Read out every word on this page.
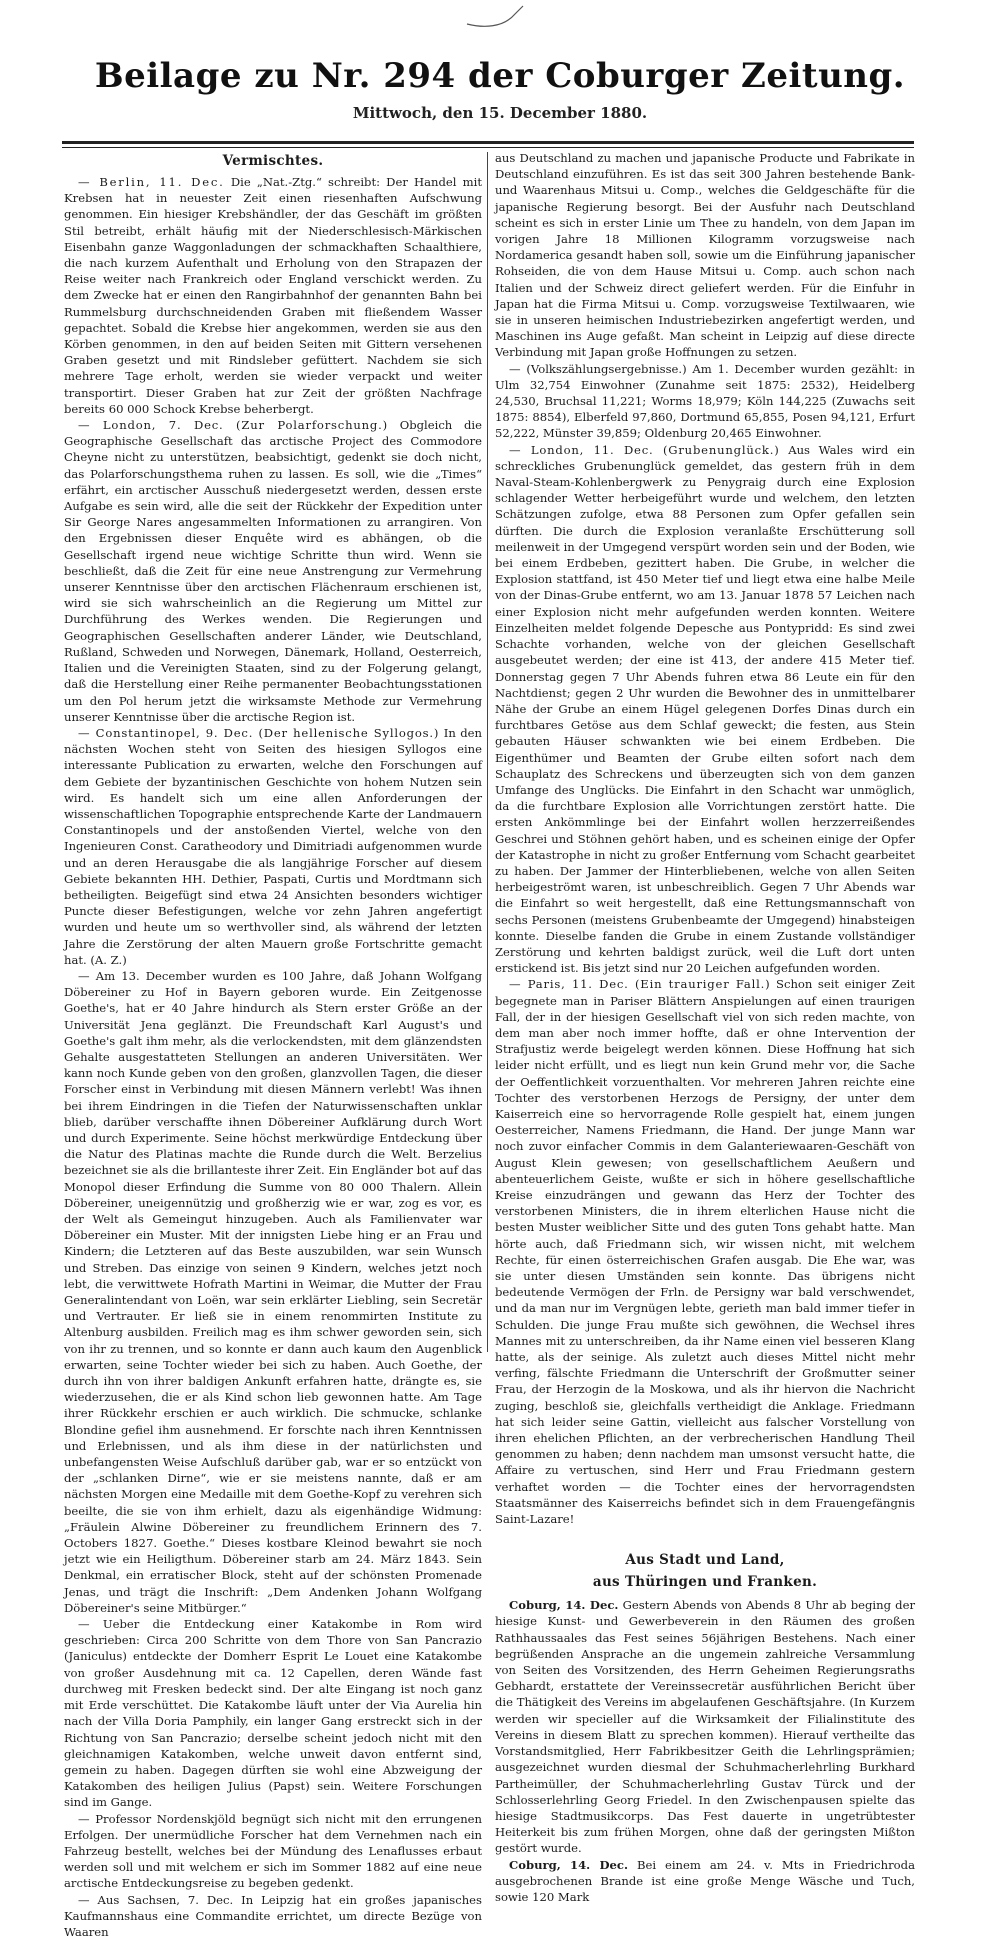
Beilage zu Nr. 294 der Coburger Zeitung.
Mittwoch, den 15. December 1880.
Vermischtes.

— Berlin, 11. Dec. Die „Nat.-Ztg.“ schreibt: Der Handel mit Krebsen hat in neuester Zeit einen riesenhaften Aufschwung genommen. Ein hiesiger Krebshändler, der das Geschäft im größten Stil betreibt, erhält häufig mit der Niederschlesisch-Märkischen Eisenbahn ganze Waggonladungen der schmackhaften Schaalthiere, die nach kurzem Aufenthalt und Erholung von den Strapazen der Reise weiter nach Frankreich oder England verschickt werden. Zu dem Zwecke hat er einen den Rangirbahnhof der genannten Bahn bei Rummelsburg durchschneidenden Graben mit fließendem Wasser gepachtet. Sobald die Krebse hier angekommen, werden sie aus den Körben genommen, in den auf beiden Seiten mit Gittern versehenen Graben gesetzt und mit Rindsleber gefüttert. Nachdem sie sich mehrere Tage erholt, werden sie wieder verpackt und weiter transportirt. Dieser Graben hat zur Zeit der größten Nachfrage bereits 60 000 Schock Krebse beherbergt.

— London, 7. Dec. (Zur Polarforschung.) Obgleich die Geographische Gesellschaft das arctische Project des Commodore Cheyne nicht zu unterstützen, beabsichtigt, gedenkt sie doch nicht, das Polarforschungsthema ruhen zu lassen. Es soll, wie die „Times“ erfährt, ein arctischer Ausschuß niedergesetzt werden, dessen erste Aufgabe es sein wird, alle die seit der Rückkehr der Expedition unter Sir George Nares angesammelten Informationen zu arrangiren. Von den Ergebnissen dieser Enquête wird es abhängen, ob die Gesellschaft irgend neue wichtige Schritte thun wird. Wenn sie beschließt, daß die Zeit für eine neue Anstrengung zur Vermehrung unserer Kenntnisse über den arctischen Flächenraum erschienen ist, wird sie sich wahrscheinlich an die Regierung um Mittel zur Durchführung des Werkes wenden. Die Regierungen und Geographischen Gesellschaften anderer Länder, wie Deutschland, Rußland, Schweden und Norwegen, Dänemark, Holland, Oesterreich, Italien und die Vereinigten Staaten, sind zu der Folgerung gelangt, daß die Herstellung einer Reihe permanenter Beobachtungsstationen um den Pol herum jetzt die wirksamste Methode zur Vermehrung unserer Kenntnisse über die arctische Region ist.

— Constantinopel, 9. Dec. (Der hellenische Syllogos.) In den nächsten Wochen steht von Seiten des hiesigen Syllogos eine interessante Publication zu erwarten, welche den Forschungen auf dem Gebiete der byzantinischen Geschichte von hohem Nutzen sein wird. Es handelt sich um eine allen Anforderungen der wissenschaftlichen Topographie entsprechende Karte der Landmauern Constantinopels und der anstoßenden Viertel, welche von den Ingenieuren Const. Caratheodory und Dimitriadi aufgenommen wurde und an deren Herausgabe die als langjährige Forscher auf diesem Gebiete bekannten HH. Dethier, Paspati, Curtis und Mordtmann sich betheiligten. Beigefügt sind etwa 24 Ansichten besonders wichtiger Puncte dieser Befestigungen, welche vor zehn Jahren angefertigt wurden und heute um so werthvoller sind, als während der letzten Jahre die Zerstörung der alten Mauern große Fortschritte gemacht hat. (A. Z.)

— Am 13. December wurden es 100 Jahre, daß Johann Wolfgang Döbereiner zu Hof in Bayern geboren wurde. Ein Zeitgenosse Goethe's, hat er 40 Jahre hindurch als Stern erster Größe an der Universität Jena geglänzt. Die Freundschaft Karl August's und Goethe's galt ihm mehr, als die verlockendsten, mit dem glänzendsten Gehalte ausgestatteten Stellungen an anderen Universitäten. Wer kann noch Kunde geben von den großen, glanzvollen Tagen, die dieser Forscher einst in Verbindung mit diesen Männern verlebt! Was ihnen bei ihrem Eindringen in die Tiefen der Naturwissenschaften unklar blieb, darüber verschaffte ihnen Döbereiner Aufklärung durch Wort und durch Experimente. Seine höchst merkwürdige Entdeckung über die Natur des Platinas machte die Runde durch die Welt. Berzelius bezeichnet sie als die brillanteste ihrer Zeit. Ein Engländer bot auf das Monopol dieser Erfindung die Summe von 80 000 Thalern. Allein Döbereiner, uneigennützig und großherzig wie er war, zog es vor, es der Welt als Gemeingut hinzugeben. Auch als Familienvater war Döbereiner ein Muster. Mit der innigsten Liebe hing er an Frau und Kindern; die Letzteren auf das Beste auszubilden, war sein Wunsch und Streben. Das einzige von seinen 9 Kindern, welches jetzt noch lebt, die verwittwete Hofrath Martini in Weimar, die Mutter der Frau Generalintendant von Loën, war sein erklärter Liebling, sein Secretär und Vertrauter. Er ließ sie in einem renommirten Institute zu Altenburg ausbilden. Freilich mag es ihm schwer geworden sein, sich von ihr zu trennen, und so konnte er dann auch kaum den Augenblick erwarten, seine Tochter wieder bei sich zu haben. Auch Goethe, der durch ihn von ihrer baldigen Ankunft erfahren hatte, drängte es, sie wiederzusehen, die er als Kind schon lieb gewonnen hatte. Am Tage ihrer Rückkehr erschien er auch wirklich. Die schmucke, schlanke Blondine gefiel ihm ausnehmend. Er forschte nach ihren Kenntnissen und Erlebnissen, und als ihm diese in der natürlichsten und unbefangensten Weise Aufschluß darüber gab, war er so entzückt von der „schlanken Dirne“, wie er sie meistens nannte, daß er am nächsten Morgen eine Medaille mit dem Goethe-Kopf zu verehren sich beeilte, die sie von ihm erhielt, dazu als eigenhändige Widmung: „Fräulein Alwine Döbereiner zu freundlichem Erinnern des 7. Octobers 1827. Goethe.“ Dieses kostbare Kleinod bewahrt sie noch jetzt wie ein Heiligthum. Döbereiner starb am 24. März 1843. Sein Denkmal, ein erratischer Block, steht auf der schönsten Promenade Jenas, und trägt die Inschrift: „Dem Andenken Johann Wolfgang Döbereiner's seine Mitbürger.“

— Ueber die Entdeckung einer Katakombe in Rom wird geschrieben: Circa 200 Schritte von dem Thore von San Pancrazio (Janiculus) entdeckte der Domherr Esprit Le Louet eine Katakombe von großer Ausdehnung mit ca. 12 Capellen, deren Wände fast durchweg mit Fresken bedeckt sind. Der alte Eingang ist noch ganz mit Erde verschüttet. Die Katakombe läuft unter der Via Aurelia hin nach der Villa Doria Pamphily, ein langer Gang erstreckt sich in der Richtung von San Pancrazio; derselbe scheint jedoch nicht mit den gleichnamigen Katakomben, welche unweit davon entfernt sind, gemein zu haben. Dagegen dürften sie wohl eine Abzweigung der Katakomben des heiligen Julius (Papst) sein. Weitere Forschungen sind im Gange.

— Professor Nordenskjöld begnügt sich nicht mit den errungenen Erfolgen. Der unermüdliche Forscher hat dem Vernehmen nach ein Fahrzeug bestellt, welches bei der Mündung des Lenaflusses erbaut werden soll und mit welchem er sich im Sommer 1882 auf eine neue arctische Entdeckungsreise zu begeben gedenkt.

— Aus Sachsen, 7. Dec. In Leipzig hat ein großes japanisches Kaufmannshaus eine Commandite errichtet, um directe Bezüge von Waaren

aus Deutschland zu machen und japanische Producte und Fabrikate in Deutschland einzuführen. Es ist das seit 300 Jahren bestehende Bank- und Waarenhaus Mitsui u. Comp., welches die Geldgeschäfte für die japanische Regierung besorgt. Bei der Ausfuhr nach Deutschland scheint es sich in erster Linie um Thee zu handeln, von dem Japan im vorigen Jahre 18 Millionen Kilogramm vorzugsweise nach Nordamerica gesandt haben soll, sowie um die Einführung japanischer Rohseiden, die von dem Hause Mitsui u. Comp. auch schon nach Italien und der Schweiz direct geliefert werden. Für die Einfuhr in Japan hat die Firma Mitsui u. Comp. vorzugsweise Textilwaaren, wie sie in unseren heimischen Industriebezirken angefertigt werden, und Maschinen ins Auge gefaßt. Man scheint in Leipzig auf diese directe Verbindung mit Japan große Hoffnungen zu setzen.

— (Volkszählungsergebnisse.) Am 1. December wurden gezählt: in Ulm 32,754 Einwohner (Zunahme seit 1875: 2532), Heidelberg 24,530, Bruchsal 11,221; Worms 18,979; Köln 144,225 (Zuwachs seit 1875: 8854), Elberfeld 97,860, Dortmund 65,855, Posen 94,121, Erfurt 52,222, Münster 39,859; Oldenburg 20,465 Einwohner.

— London, 11. Dec. (Grubenunglück.) Aus Wales wird ein schreckliches Grubenunglück gemeldet, das gestern früh in dem Naval-Steam-Kohlenbergwerk zu Penygraig durch eine Explosion schlagender Wetter herbeigeführt wurde und welchem, den letzten Schätzungen zufolge, etwa 88 Personen zum Opfer gefallen sein dürften. Die durch die Explosion veranlaßte Erschütterung soll meilenweit in der Umgegend verspürt worden sein und der Boden, wie bei einem Erdbeben, gezittert haben. Die Grube, in welcher die Explosion stattfand, ist 450 Meter tief und liegt etwa eine halbe Meile von der Dinas-Grube entfernt, wo am 13. Januar 1878 57 Leichen nach einer Explosion nicht mehr aufgefunden werden konnten. Weitere Einzelheiten meldet folgende Depesche aus Pontypridd: Es sind zwei Schachte vorhanden, welche von der gleichen Gesellschaft ausgebeutet werden; der eine ist 413, der andere 415 Meter tief. Donnerstag gegen 7 Uhr Abends fuhren etwa 86 Leute ein für den Nachtdienst; gegen 2 Uhr wurden die Bewohner des in unmittelbarer Nähe der Grube an einem Hügel gelegenen Dorfes Dinas durch ein furchtbares Getöse aus dem Schlaf geweckt; die festen, aus Stein gebauten Häuser schwankten wie bei einem Erdbeben. Die Eigenthümer und Beamten der Grube eilten sofort nach dem Schauplatz des Schreckens und überzeugten sich von dem ganzen Umfange des Unglücks. Die Einfahrt in den Schacht war unmöglich, da die furchtbare Explosion alle Vorrichtungen zerstört hatte. Die ersten Ankömmlinge bei der Einfahrt wollen herzzerreißendes Geschrei und Stöhnen gehört haben, und es scheinen einige der Opfer der Katastrophe in nicht zu großer Entfernung vom Schacht gearbeitet zu haben. Der Jammer der Hinterbliebenen, welche von allen Seiten herbeigeströmt waren, ist unbeschreiblich. Gegen 7 Uhr Abends war die Einfahrt so weit hergestellt, daß eine Rettungsmannschaft von sechs Personen (meistens Grubenbeamte der Umgegend) hinabsteigen konnte. Dieselbe fanden die Grube in einem Zustande vollständiger Zerstörung und kehrten baldigst zurück, weil die Luft dort unten erstickend ist. Bis jetzt sind nur 20 Leichen aufgefunden worden.

— Paris, 11. Dec. (Ein trauriger Fall.) Schon seit einiger Zeit begegnete man in Pariser Blättern Anspielungen auf einen traurigen Fall, der in der hiesigen Gesellschaft viel von sich reden machte, von dem man aber noch immer hoffte, daß er ohne Intervention der Strafjustiz werde beigelegt werden können. Diese Hoffnung hat sich leider nicht erfüllt, und es liegt nun kein Grund mehr vor, die Sache der Oeffentlichkeit vorzuenthalten. Vor mehreren Jahren reichte eine Tochter des verstorbenen Herzogs de Persigny, der unter dem Kaiserreich eine so hervorragende Rolle gespielt hat, einem jungen Oesterreicher, Namens Friedmann, die Hand. Der junge Mann war noch zuvor einfacher Commis in dem Galanteriewaaren-Geschäft von August Klein gewesen; von gesellschaftlichem Aeußern und abenteuerlichem Geiste, wußte er sich in höhere gesellschaftliche Kreise einzudrängen und gewann das Herz der Tochter des verstorbenen Ministers, die in ihrem elterlichen Hause nicht die besten Muster weiblicher Sitte und des guten Tons gehabt hatte. Man hörte auch, daß Friedmann sich, wir wissen nicht, mit welchem Rechte, für einen österreichischen Grafen ausgab. Die Ehe war, was sie unter diesen Umständen sein konnte. Das übrigens nicht bedeutende Vermögen der Frln. de Persigny war bald verschwendet, und da man nur im Vergnügen lebte, gerieth man bald immer tiefer in Schulden. Die junge Frau mußte sich gewöhnen, die Wechsel ihres Mannes mit zu unterschreiben, da ihr Name einen viel besseren Klang hatte, als der seinige. Als zuletzt auch dieses Mittel nicht mehr verfing, fälschte Friedmann die Unterschrift der Großmutter seiner Frau, der Herzogin de la Moskowa, und als ihr hiervon die Nachricht zuging, beschloß sie, gleichfalls vertheidigt die Anklage. Friedmann hat sich leider seine Gattin, vielleicht aus falscher Vorstellung von ihren ehelichen Pflichten, an der verbrecherischen Handlung Theil genommen zu haben; denn nachdem man umsonst versucht hatte, die Affaire zu vertuschen, sind Herr und Frau Friedmann gestern verhaftet worden — die Tochter eines der hervorragendsten Staatsmänner des Kaiserreichs befindet sich in dem Frauengefängnis Saint-Lazare!

Aus Stadt und Land,
aus Thüringen und Franken.

Coburg, 14. Dec. Gestern Abends von Abends 8 Uhr ab beging der hiesige Kunst- und Gewerbeverein in den Räumen des großen Rathhaussaales das Fest seines 56jährigen Bestehens. Nach einer begrüßenden Ansprache an die ungemein zahlreiche Versammlung von Seiten des Vorsitzenden, des Herrn Geheimen Regierungsraths Gebhardt, erstattete der Vereinssecretär ausführlichen Bericht über die Thätigkeit des Vereins im abgelaufenen Geschäftsjahre. (In Kurzem werden wir specieller auf die Wirksamkeit der Filialinstitute des Vereins in diesem Blatt zu sprechen kommen). Hierauf vertheilte das Vorstandsmitglied, Herr Fabrikbesitzer Geith die Lehrlingsprämien; ausgezeichnet wurden diesmal der Schuhmacherlehrling Burkhard Partheimüller, der Schuhmacherlehrling Gustav Türck und der Schlosserlehrling Georg Friedel. In den Zwischenpausen spielte das hiesige Stadtmusikcorps. Das Fest dauerte in ungetrübtester Heiterkeit bis zum frühen Morgen, ohne daß der geringsten Mißton gestört wurde.

Coburg, 14. Dec. Bei einem am 24. v. Mts in Friedrichroda ausgebrochenen Brande ist eine große Menge Wäsche und Tuch, sowie 120 Mark
